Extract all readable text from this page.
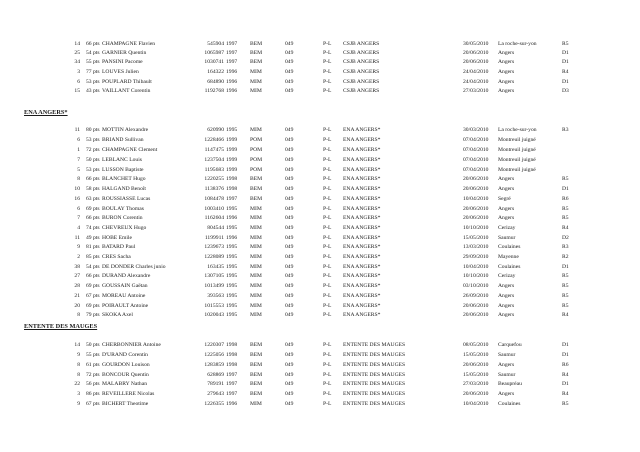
14 66 pts CHAMPAGNE Flavien	545904 1997 BEM	049	P-L CSJB ANGERS	30/05/2010 La roche-sur-yon	R5
25 54 pts GARNIER Quentin	1065987 1997 BEM	049	P-L CSJB ANGERS	20/06/2010 Angers	D1
34 55 pts PANSINI Pacome	1030741 1997 BEM	049	P-L CSJB ANGERS	20/06/2010 Angers	D1
3 77 pts LOUVES Julien	164322 1996 MIM	049	P-L CSJB ANGERS	24/04/2010 Angers	R4
6 53 pts POUPLARD Thibault	684890 1996 MIM	049	P-L CSJB ANGERS	24/04/2010 Angers	D1
15 43 pts VAILLANT Corentin	1192768 1996 MIM	049	P-L CSJB ANGERS	27/03/2010 Angers	D3
ENA ANGERS*
11 80 pts MOTTIN Alexandre	620990 1995 MIM	049	P-L ENA ANGERS*	30/03/2010 La roche-sur-yon	R3
6 53 pts BRIAND Sullivan	1228466 1999 POM	049	P-L ENA ANGERS*	07/04/2010 Montreuil juigné
1 72 pts CHAMPAGNE Clement	1147475 1999 POM	049	P-L ENA ANGERS*	07/04/2010 Montreuil juigné
7 50 pts LEBLANC Louis	1237504 1999 POM	049	P-L ENA ANGERS*	07/04/2010 Montreuil juigné
5 53 pts LUSSON Baptiste	1195683 1999 POM	049	P-L ENA ANGERS*	07/04/2010 Montreuil juigné
8 66 pts BLANCHET Hugo	1220255 1998 BEM	049	P-L ENA ANGERS*	20/06/2010 Angers	R5
10 58 pts HALGAND Benoît	1138376 1998 BEM	049	P-L ENA ANGERS*	20/06/2010 Angers	D1
16 63 pts ROUSSIASSE Lucas	1084478 1997 BEM	049	P-L ENA ANGERS*	10/04/2010 Segré	R6
6 69 pts BOULAY Thomas	1003410 1995 MIM	049	P-L ENA ANGERS*	20/06/2010 Angers	R5
7 66 pts BURON Corentin	1162604 1996 MIM	049	P-L ENA ANGERS*	20/06/2010 Angers	R5
4 74 pts CHEVREUX Hugo	804544 1995 MIM	049	P-L ENA ANGERS*	10/10/2010 Cerizay	R4
11 49 pts HOBE Emile	1199911 1996 MIM	049	P-L ENA ANGERS*	15/05/2010 Saumur	D2
9 81 pts BATARD Paul	1239673 1995 MIM	049	P-L ENA ANGERS*	13/03/2010 Coulaines	R3
2 85 pts CRES Sacha	1228089 1995 MIM	049	P-L ENA ANGERS*	29/09/2010 Mayenne	R2
38 54 pts DE DONDER Charles junio	163435 1995 MIM	049	P-L ENA ANGERS*	10/04/2010 Coulaines	D1
27 66 pts DURAND Alexandre	1307105 1995 MIM	049	P-L ENA ANGERS*	10/10/2010 Cerizay	R5
28 69 pts GOUSSAIN Gaëtan	1013499 1995 MIM	049	P-L ENA ANGERS*	03/10/2010 Angers	R5
21 67 pts MOREAU Antoine	393563 1995 MIM	049	P-L ENA ANGERS*	26/09/2010 Angers	R5
20 69 pts POIRAULT Antoine	1015553 1995 MIM	049	P-L ENA ANGERS*	20/06/2010 Angers	R5
8 79 pts SKOKA Axel	1020043 1995 MIM	049	P-L ENA ANGERS*	20/06/2010 Angers	R4
ENTENTE DES MAUGES
14 50 pts CHERBONNIER Antoine	1220307 1998 BEM	049	P-L ENTENTE DES MAUGES	08/05/2010 Carquefou	D1
9 55 pts D'URAND Corentin	1225056 1998 BEM	049	P-L ENTENTE DES MAUGES	15/05/2010 Saumur	D1
8 61 pts GOURDON Louison	1283859 1998 BEM	049	P-L ENTENTE DES MAUGES	20/06/2010 Angers	R6
8 72 pts BONCOUR Quentin	628869 1997 BEM	049	P-L ENTENTE DES MAUGES	15/05/2010 Saumur	R4
22 56 pts MALABRY Nathan	789191 1997 BEM	049	P-L ENTENTE DES MAUGES	27/03/2010 Beaupréau	D1
3 86 pts REVEILLERE Nicolas	279643 1997 BEM	049	P-L ENTENTE DES MAUGES	20/06/2010 Angers	R4
9 67 pts BICHERT Theotime	1226355 1996 MIM	049	P-L ENTENTE DES MAUGES	10/04/2010 Coulaines	R5
